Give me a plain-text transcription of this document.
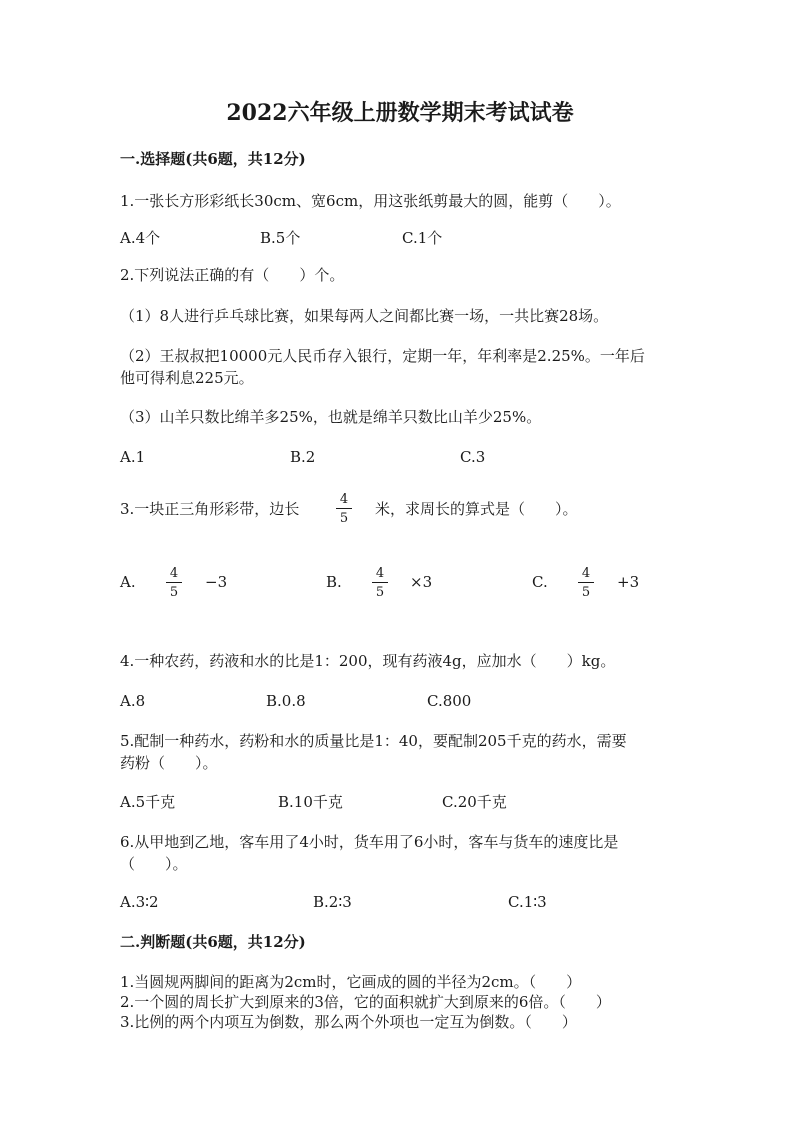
2022六年级上册数学期末考试试卷
一.选择题(共6题，共12分)
1.一张长方形彩纸长30cm、宽6cm，用这张纸剪最大的圆，能剪（　　）。
A.4个	B.5个	C.1个
2.下列说法正确的有（　　）个。
（1）8人进行乒乓球比赛，如果每两人之间都比赛一场，一共比赛28场。
（2）王叔叔把10000元人民币存入银行，定期一年，年利率是2.25%。一年后
他可得利息225元。
（3）山羊只数比绵羊多25%，也就是绵羊只数比山羊少25%。
A.1	B.2	C.3
3.一块正三角形彩带，边长
4
5
米，求周长的算式是（　　）。
A.	4
5
−3	B.	4
5
×3	C.	4
5
+3
4.一种农药，药液和水的比是1：200，现有药液4g，应加水（　　）kg。
A.8	B.0.8	C.800
5.配制一种药水，药粉和水的质量比是1：40，要配制205千克的药水，需要
药粉（　　）。
A.5千克	B.10千克	C.20千克
6.从甲地到乙地，客车用了4小时，货车用了6小时，客车与货车的速度比是
（　　）。
A.3∶2	B.2∶3	C.1∶3
二.判断题(共6题，共12分)
1.当圆规两脚间的距离为2cm时，它画成的圆的半径为2cm。（　　）
2.一个圆的周长扩大到原来的3倍，它的面积就扩大到原来的6倍。（　　）
3.比例的两个内项互为倒数，那么两个外项也一定互为倒数。（　　）
